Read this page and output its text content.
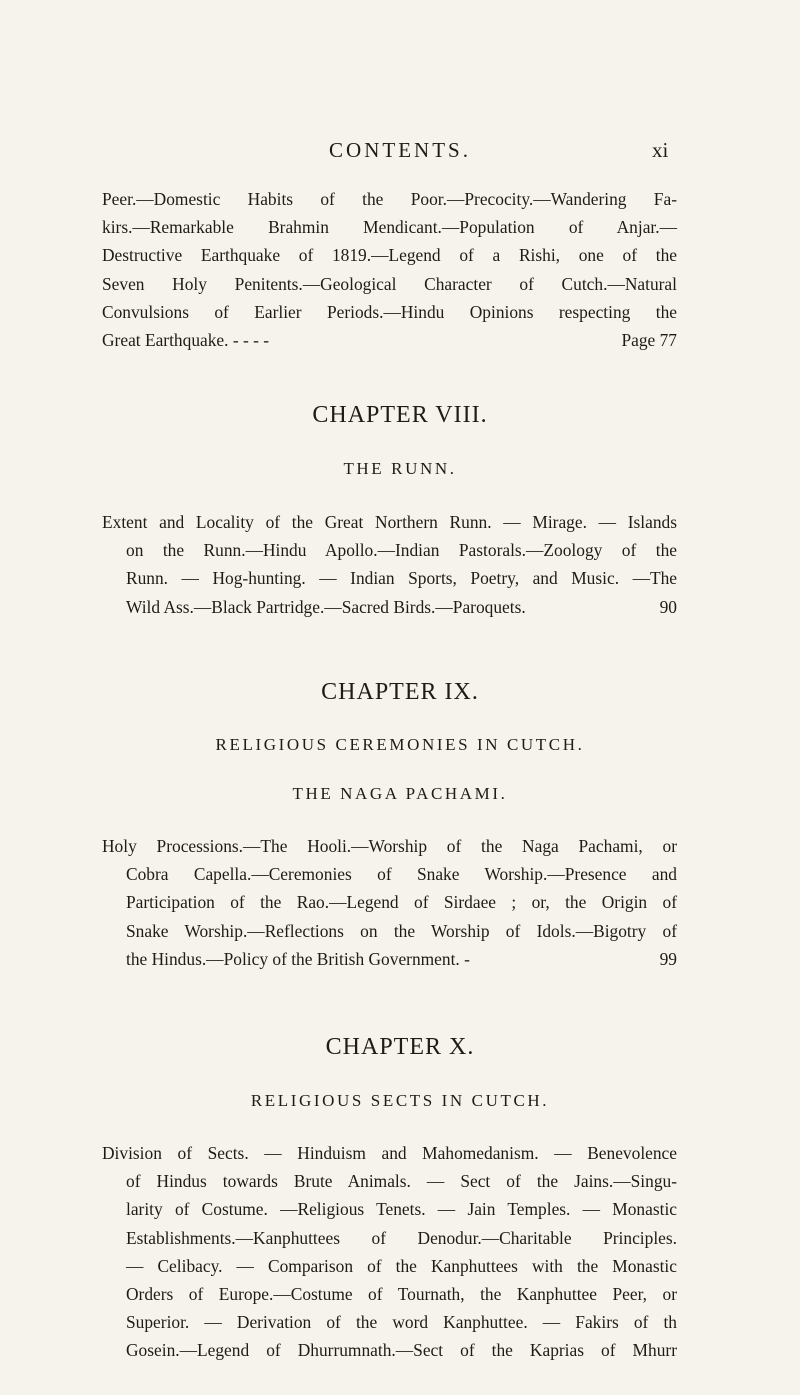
CONTENTS.	xi
Peer.—Domestic Habits of the Poor.—Precocity.—Wandering Fa-
kirs.—Remarkable Brahmin Mendicant.—Population of Anjar.—
Destructive Earthquake of 1819.—Legend of a Rishi, one of the
Seven Holy Penitents.—Geological Character of Cutch.—Natural
Convulsions of Earlier Periods.—Hindu Opinions respecting the
Great Earthquake. - - - -	Page 77
CHAPTER VIII.
THE RUNN.
Extent and Locality of the Great Northern Runn. — Mirage. — Islands
on the Runn.—Hindu Apollo.—Indian Pastorals.—Zoology of the
Runn. — Hog-hunting. — Indian Sports, Poetry, and Music. —The
Wild Ass.—Black Partridge.—Sacred Birds.—Paroquets.	90
CHAPTER IX.
RELIGIOUS CEREMONIES IN CUTCH.
THE NAGA PACHAMI.
Holy Processions.—The Hooli.—Worship of the Naga Pachami, or
Cobra Capella.—Ceremonies of Snake Worship.—Presence and
Participation of the Rao.—Legend of Sirdaee ; or, the Origin of
Snake Worship.—Reflections on the Worship of Idols.—Bigotry of
the Hindus.—Policy of the British Government. -	99
CHAPTER X.
RELIGIOUS SECTS IN CUTCH.
Division of Sects. — Hinduism and Mahomedanism. — Benevolence
of Hindus towards Brute Animals. — Sect of the Jains.—Singu-
larity of Costume. —Religious Tenets. — Jain Temples. — Monastic
Establishments.—Kanphuttees of Denodur.—Charitable Principles.
— Celibacy. — Comparison of the Kanphuttees with the Monastic
Orders of Europe.—Costume of Tournath, the Kanphuttee Peer, or
Superior. — Derivation of the word Kanphuttee. — Fakirs of th
Gosein.—Legend of Dhurrumnath.—Sect of the Kaprias of Mhurr
